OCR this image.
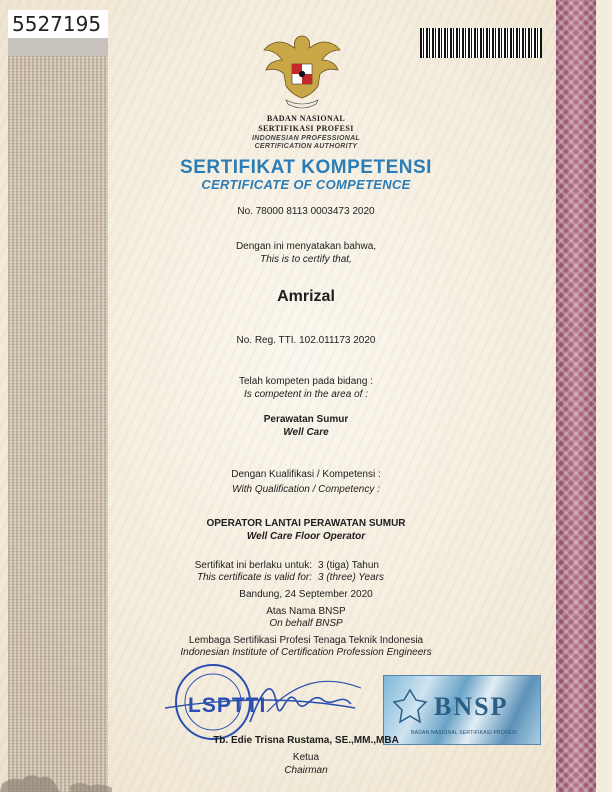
5527195
BADAN NASIONAL
SERTIFIKASI PROFESI
INDONESIAN PROFESSIONAL
CERTIFICATION AUTHORITY
SERTIFIKAT KOMPETENSI
CERTIFICATE OF COMPETENCE
No. 78000 8113 0003473 2020
Dengan ini menyatakan bahwa,
This is to certify that,
Amrizal
No. Reg. TTI. 102.011173 2020
Telah kompeten pada bidang :
Is competent in the area of :
Perawatan Sumur
Well Care
Dengan Kualifikasi / Kompetensi :
With Qualification / Competency :
OPERATOR LANTAI PERAWATAN SUMUR
Well Care Floor Operator
Sertifikat ini berlaku untuk:
This certificate is valid for:
3 (tiga) Tahun
3 (three) Years
Bandung, 24 September 2020
Atas Nama BNSP
On behalf BNSP
Lembaga Sertifikasi Profesi Tenaga Teknik Indonesia
Indonesian Institute of Certification Profession Engineers
LSPTTI	BNSP
BADAN NASIONAL SERTIFIKASI PROFESI
Tb. Edie Trisna Rustama, SE.,MM.,MBA
Ketua
Chairman
